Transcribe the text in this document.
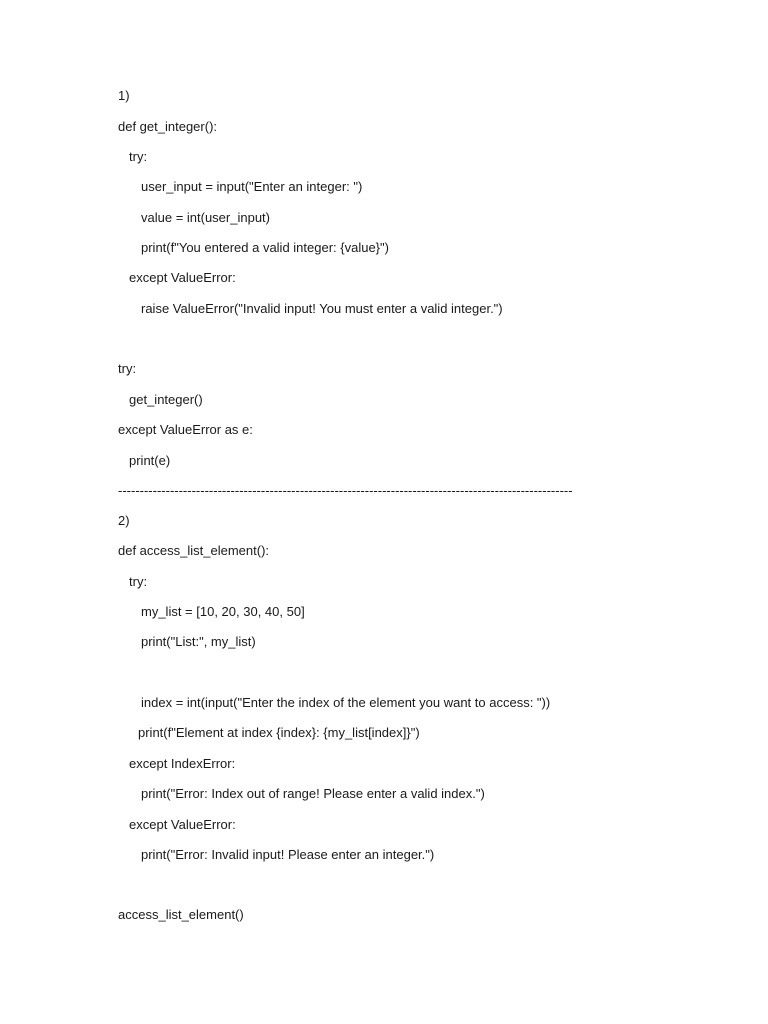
1)
def get_integer():
try:
user_input = input("Enter an integer: ")
value = int(user_input)
print(f"You entered a valid integer: {value}")
except ValueError:
raise ValueError("Invalid input! You must enter a valid integer.")
try:
get_integer()
except ValueError as e:
print(e)
---------------------------------------------------------------------------------------------------------
2)
def access_list_element():
try:
my_list = [10, 20, 30, 40, 50]
print("List:", my_list)
index = int(input("Enter the index of the element you want to access: "))
print(f"Element at index {index}: {my_list[index]}")
except IndexError:
print("Error: Index out of range! Please enter a valid index.")
except ValueError:
print("Error: Invalid input! Please enter an integer.")
access_list_element()
